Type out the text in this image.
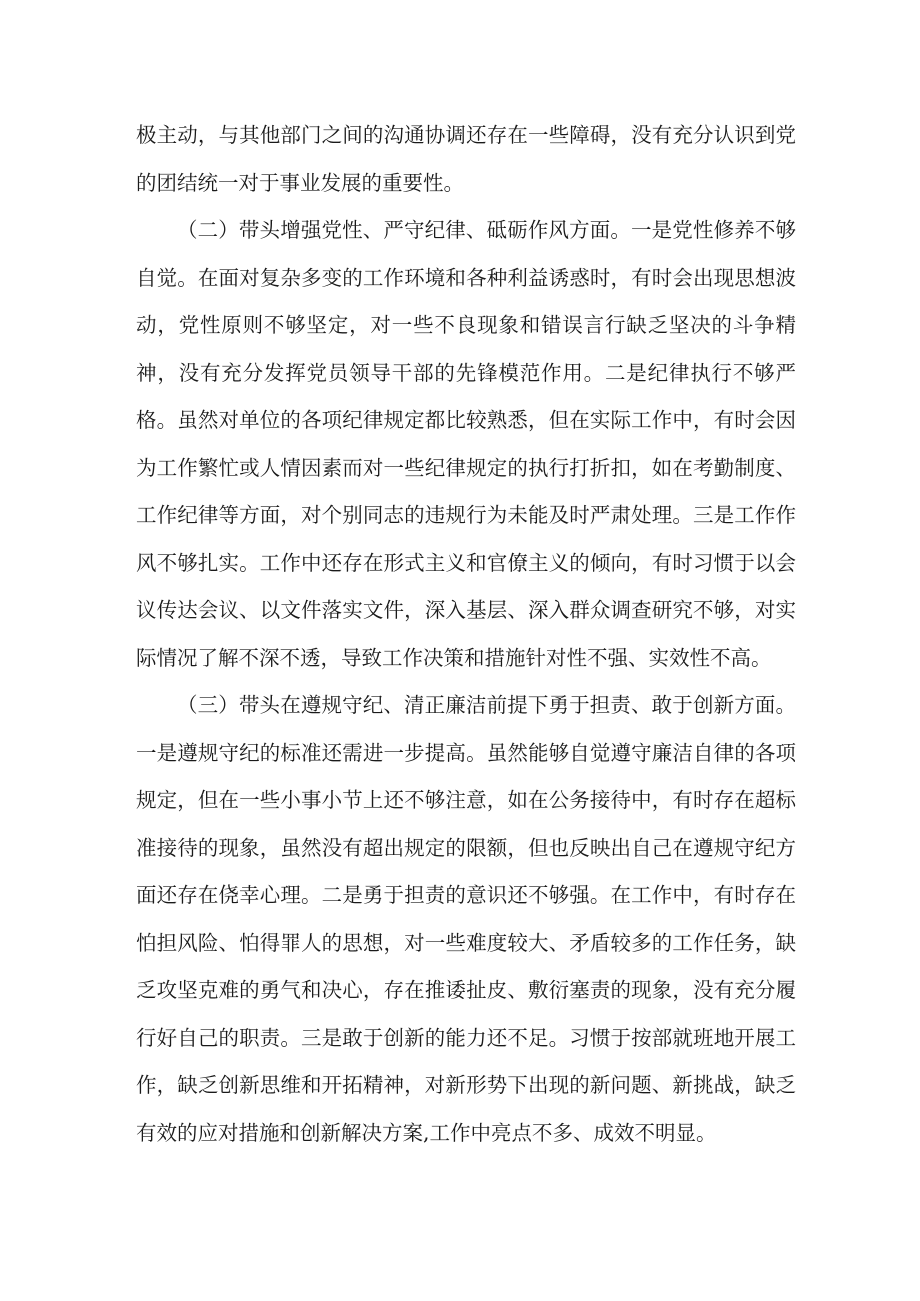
极主动，与其他部门之间的沟通协调还存在一些障碍，没有充分认识到党的团结统一对于事业发展的重要性。

（二）带头增强党性、严守纪律、砥砺作风方面。一是党性修养不够自觉。在面对复杂多变的工作环境和各种利益诱惑时，有时会出现思想波动，党性原则不够坚定，对一些不良现象和错误言行缺乏坚决的斗争精神，没有充分发挥党员领导干部的先锋模范作用。二是纪律执行不够严格。虽然对单位的各项纪律规定都比较熟悉，但在实际工作中，有时会因为工作繁忙或人情因素而对一些纪律规定的执行打折扣，如在考勤制度、工作纪律等方面，对个别同志的违规行为未能及时严肃处理。三是工作作风不够扎实。工作中还存在形式主义和官僚主义的倾向，有时习惯于以会议传达会议、以文件落实文件，深入基层、深入群众调查研究不够，对实际情况了解不深不透，导致工作决策和措施针对性不强、实效性不高。

（三）带头在遵规守纪、清正廉洁前提下勇于担责、敢于创新方面。一是遵规守纪的标准还需进一步提高。虽然能够自觉遵守廉洁自律的各项规定，但在一些小事小节上还不够注意，如在公务接待中，有时存在超标准接待的现象，虽然没有超出规定的限额，但也反映出自己在遵规守纪方面还存在侥幸心理。二是勇于担责的意识还不够强。在工作中，有时存在怕担风险、怕得罪人的思想，对一些难度较大、矛盾较多的工作任务，缺乏攻坚克难的勇气和决心，存在推诿扯皮、敷衍塞责的现象，没有充分履行好自己的职责。三是敢于创新的能力还不足。习惯于按部就班地开展工作，缺乏创新思维和开拓精神，对新形势下出现的新问题、新挑战，缺乏有效的应对措施和创新解决方案,工作中亮点不多、成效不明显。
